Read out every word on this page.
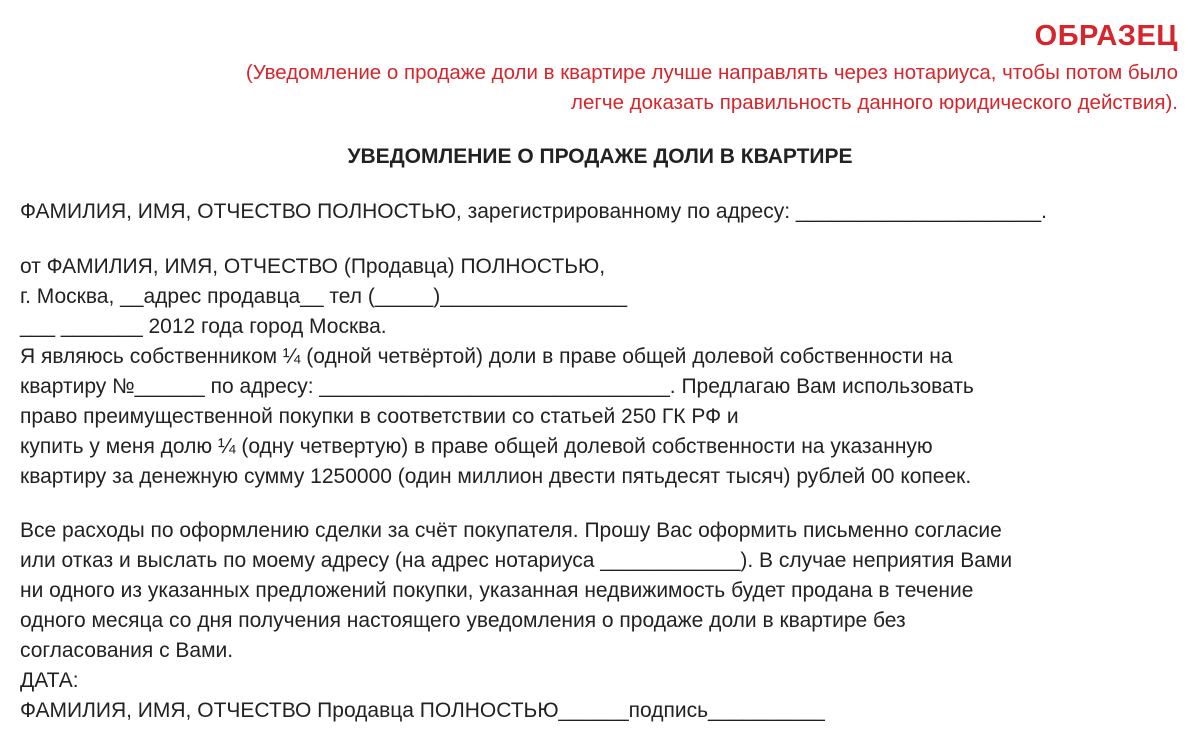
ОБРАЗЕЦ
(Уведомление о продаже доли в квартире лучше направлять через нотариуса, чтобы потом было
легче доказать правильность данного юридического действия).
УВЕДОМЛЕНИЕ О ПРОДАЖЕ ДОЛИ В КВАРТИРЕ

ФАМИЛИЯ, ИМЯ, ОТЧЕСТВО ПОЛНОСТЬЮ, зарегистрированному по адресу: _____________________.

от ФАМИЛИЯ, ИМЯ, ОТЧЕСТВО (Продавца) ПОЛНОСТЬЮ,

г. Москва, __адрес продавца__ тел (_____)________________

___ _______ 2012 года город Москва.

Я являюсь собственником ¼ (одной четвёртой) доли в праве общей долевой собственности на

квартиру №______ по адресу: ______________________________. Предлагаю Вам использовать

право преимущественной покупки в соответствии со статьей 250 ГК РФ и

купить у меня долю ¼ (одну четвертую) в праве общей долевой собственности на указанную

квартиру за денежную сумму 1250000 (один миллион двести пятьдесят тысяч) рублей 00 копеек.

Все расходы по оформлению сделки за счёт покупателя. Прошу Вас оформить письменно согласие

или отказ и выслать по моему адресу (на адрес нотариуса ____________). В случае неприятия Вами

ни одного из указанных предложений покупки, указанная недвижимость будет продана в течение

одного месяца со дня получения настоящего уведомления о продаже доли в квартире без

согласования с Вами.

ДАТА:

ФАМИЛИЯ, ИМЯ, ОТЧЕСТВО Продавца ПОЛНОСТЬЮ______подпись__________
